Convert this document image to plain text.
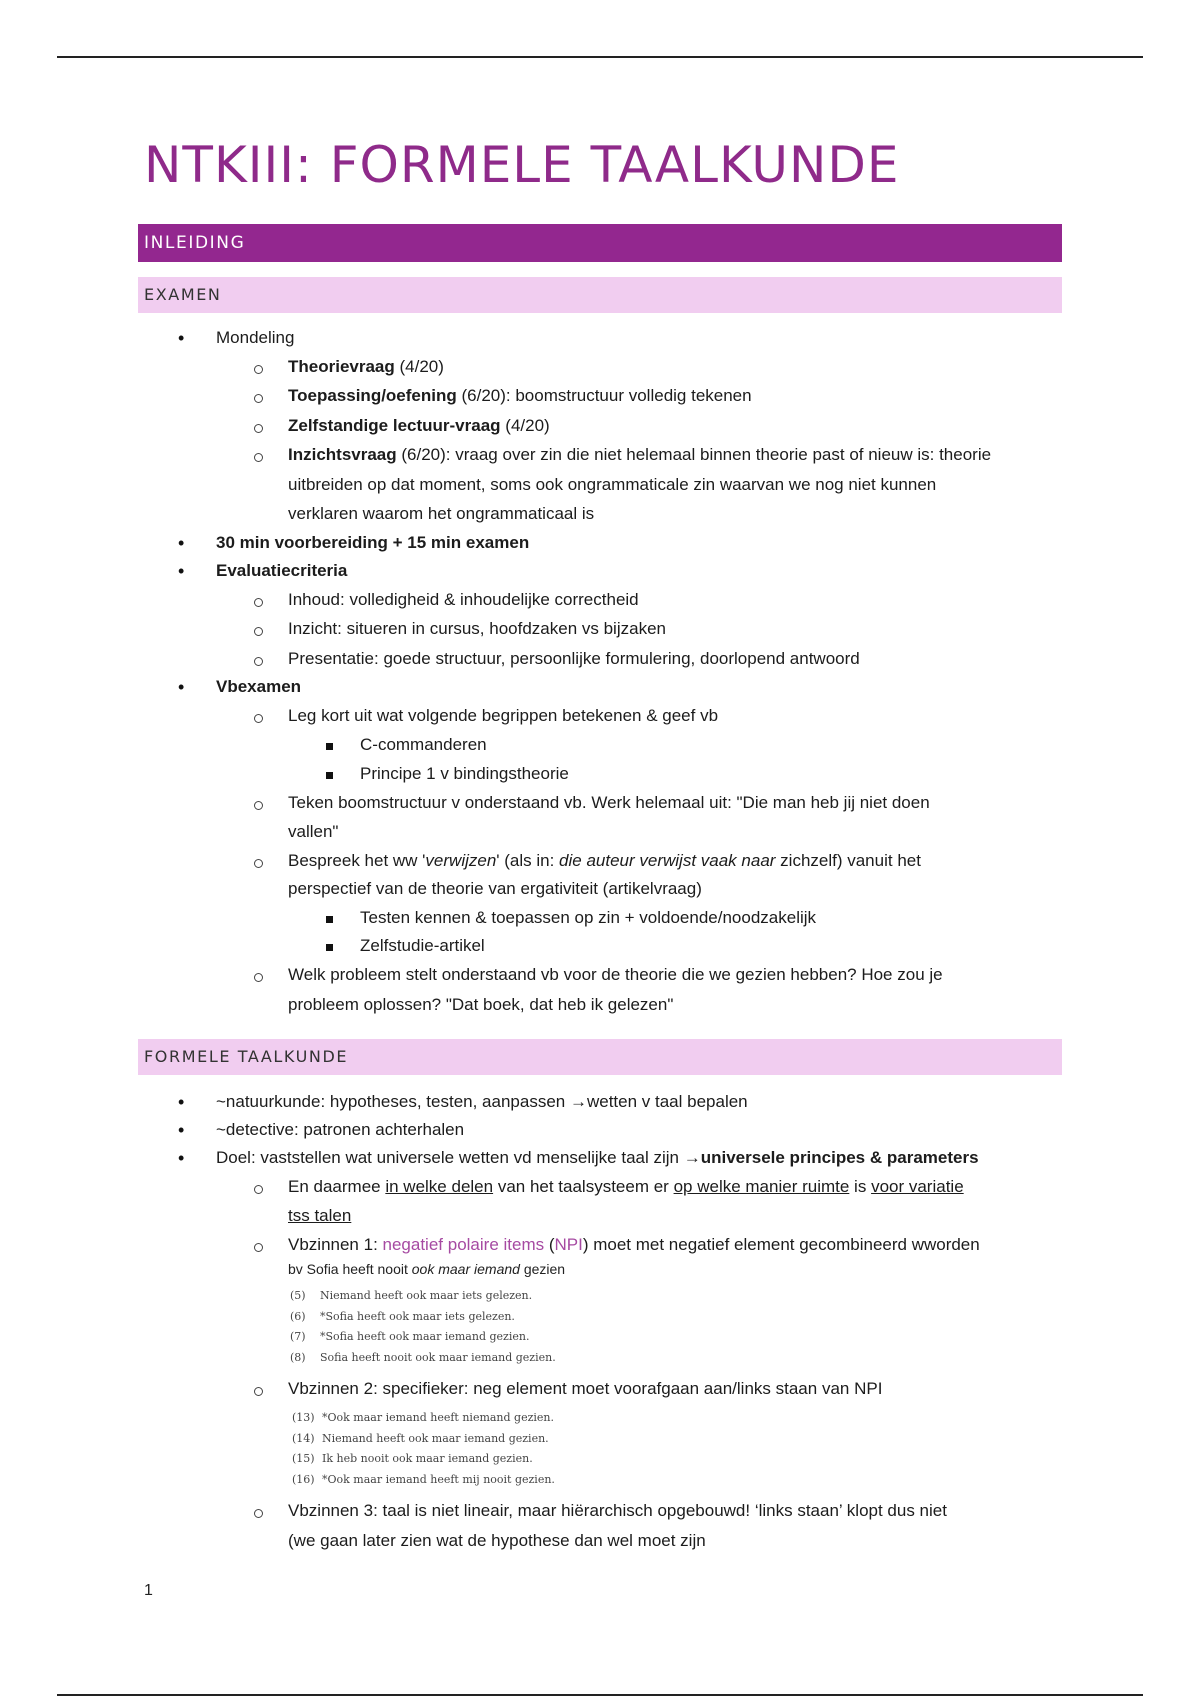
NTKIII: FORMELE TAALKUNDE
INLEIDING
EXAMEN
• Mondeling
Theorievraag (4/20)
Toepassing/oefening (6/20): boomstructuur volledig tekenen
Zelfstandige lectuur-vraag (4/20)
Inzichtsvraag (6/20): vraag over zin die niet helemaal binnen theorie past of nieuw is: theorie
uitbreiden op dat moment, soms ook ongrammaticale zin waarvan we nog niet kunnen
verklaren waarom het ongrammaticaal is
• 30 min voorbereiding + 15 min examen
• Evaluatiecriteria
Inhoud: volledigheid & inhoudelijke correctheid
Inzicht: situeren in cursus, hoofdzaken vs bijzaken
Presentatie: goede structuur, persoonlijke formulering, doorlopend antwoord
• Vbexamen
Leg kort uit wat volgende begrippen betekenen & geef vb
C-commanderen
Principe 1 v bindingstheorie
Teken boomstructuur v onderstaand vb. Werk helemaal uit: "Die man heb jij niet doen
vallen"
Bespreek het ww 'verwijzen' (als in: die auteur verwijst vaak naar zichzelf) vanuit het
perspectief van de theorie van ergativiteit (artikelvraag)
Testen kennen & toepassen op zin + voldoende/noodzakelijk
Zelfstudie-artikel
Welk probleem stelt onderstaand vb voor de theorie die we gezien hebben? Hoe zou je
probleem oplossen? "Dat boek, dat heb ik gelezen"
FORMELE TAALKUNDE
• ~natuurkunde: hypotheses, testen, aanpassen →wetten v taal bepalen
• ~detective: patronen achterhalen
• Doel: vaststellen wat universele wetten vd menselijke taal zijn →universele principes & parameters
En daarmee in welke delen van het taalsysteem er op welke manier ruimte is voor variatie
tss talen
Vbzinnen 1: negatief polaire items (NPI) moet met negatief element gecombineerd wworden
bv Sofia heeft nooit ook maar iemand gezien
(5) Niemand heeft ook maar iets gelezen.
(6) *Sofia heeft ook maar iets gelezen.
(7) *Sofia heeft ook maar iemand gezien.
(8) Sofia heeft nooit ook maar iemand gezien.
Vbzinnen 2: specifieker: neg element moet voorafgaan aan/links staan van NPI
(13) *Ook maar iemand heeft niemand gezien.
(14) Niemand heeft ook maar iemand gezien.
(15) Ik heb nooit ook maar iemand gezien.
(16) *Ook maar iemand heeft mij nooit gezien.
Vbzinnen 3: taal is niet lineair, maar hiërarchisch opgebouwd! ‘links staan’ klopt dus niet
(we gaan later zien wat de hypothese dan wel moet zijn
1
